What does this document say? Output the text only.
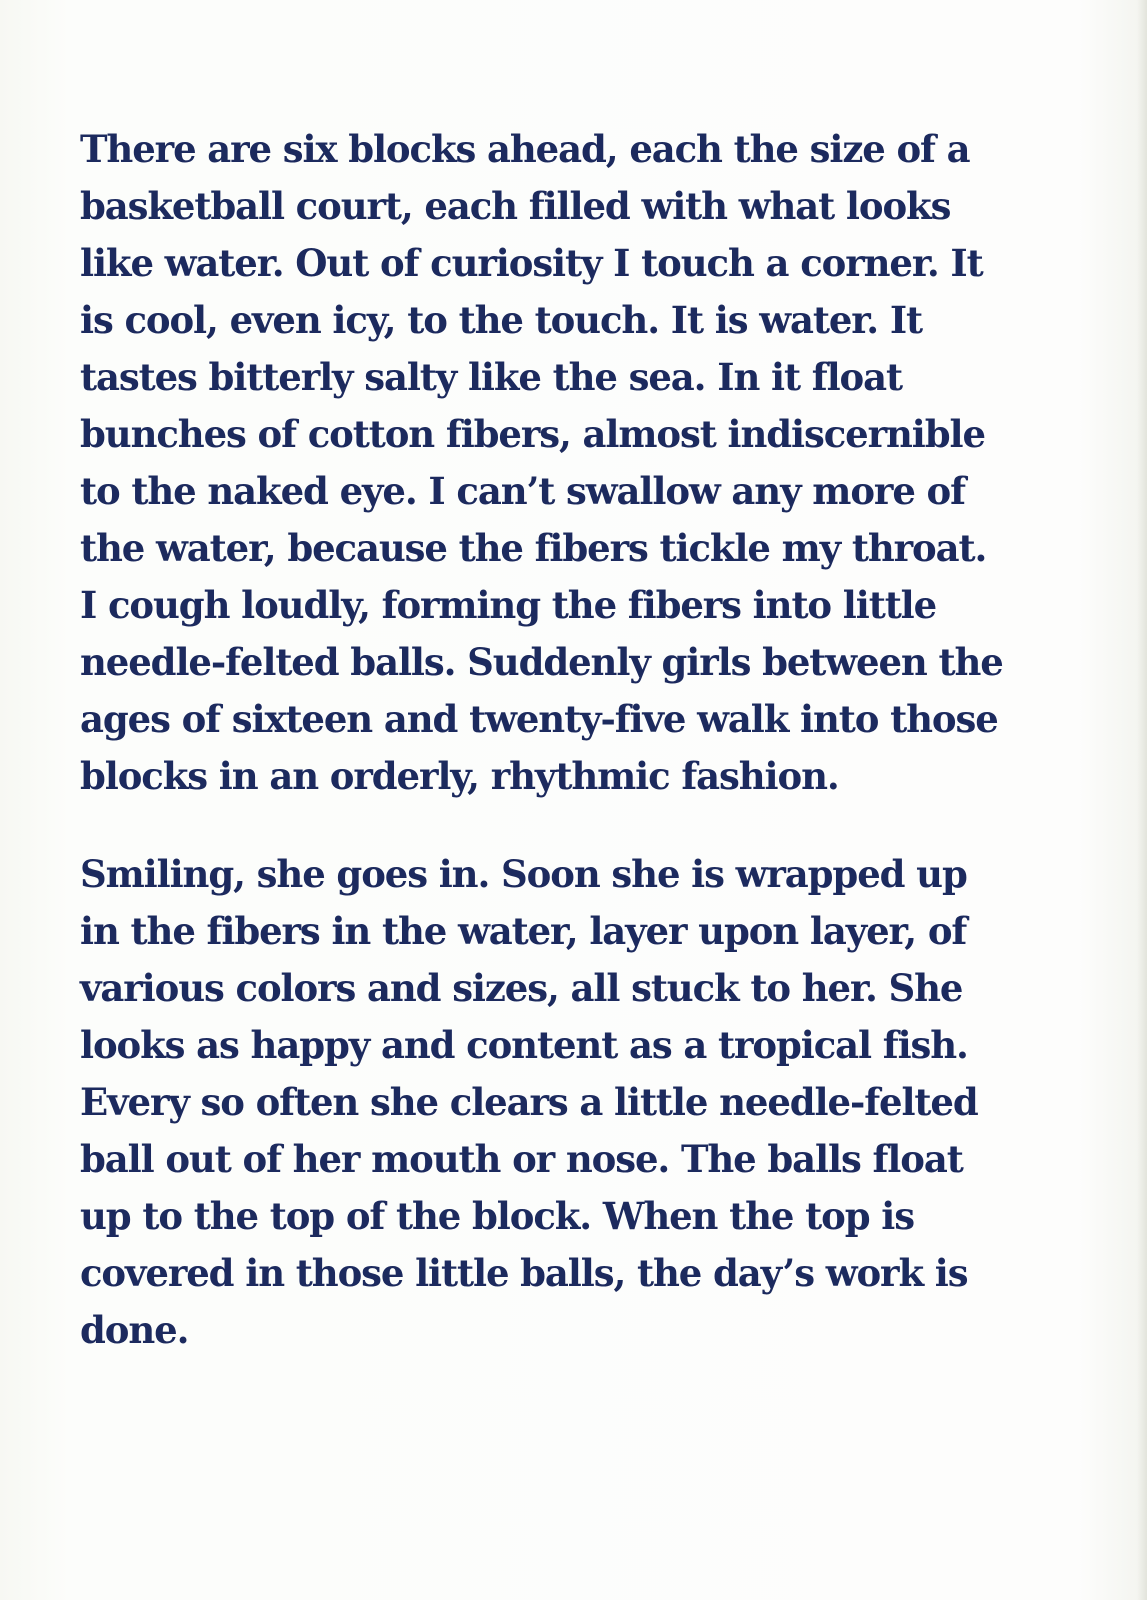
There are six blocks ahead, each the size of a
basketball court, each filled with what looks
like water. Out of curiosity I touch a corner. It
is cool, even icy, to the touch. It is water. It
tastes bitterly salty like the sea. In it float
bunches of cotton fibers, almost indiscernible
to the naked eye. I can’t swallow any more of
the water, because the fibers tickle my throat.
I cough loudly, forming the fibers into little
needle-felted balls. Suddenly girls between the
ages of sixteen and twenty-five walk into those
blocks in an orderly, rhythmic fashion.
Smiling, she goes in. Soon she is wrapped up
in the fibers in the water, layer upon layer, of
various colors and sizes, all stuck to her. She
looks as happy and content as a tropical fish.
Every so often she clears a little needle-felted
ball out of her mouth or nose. The balls float
up to the top of the block. When the top is
covered in those little balls, the day’s work is
done.
